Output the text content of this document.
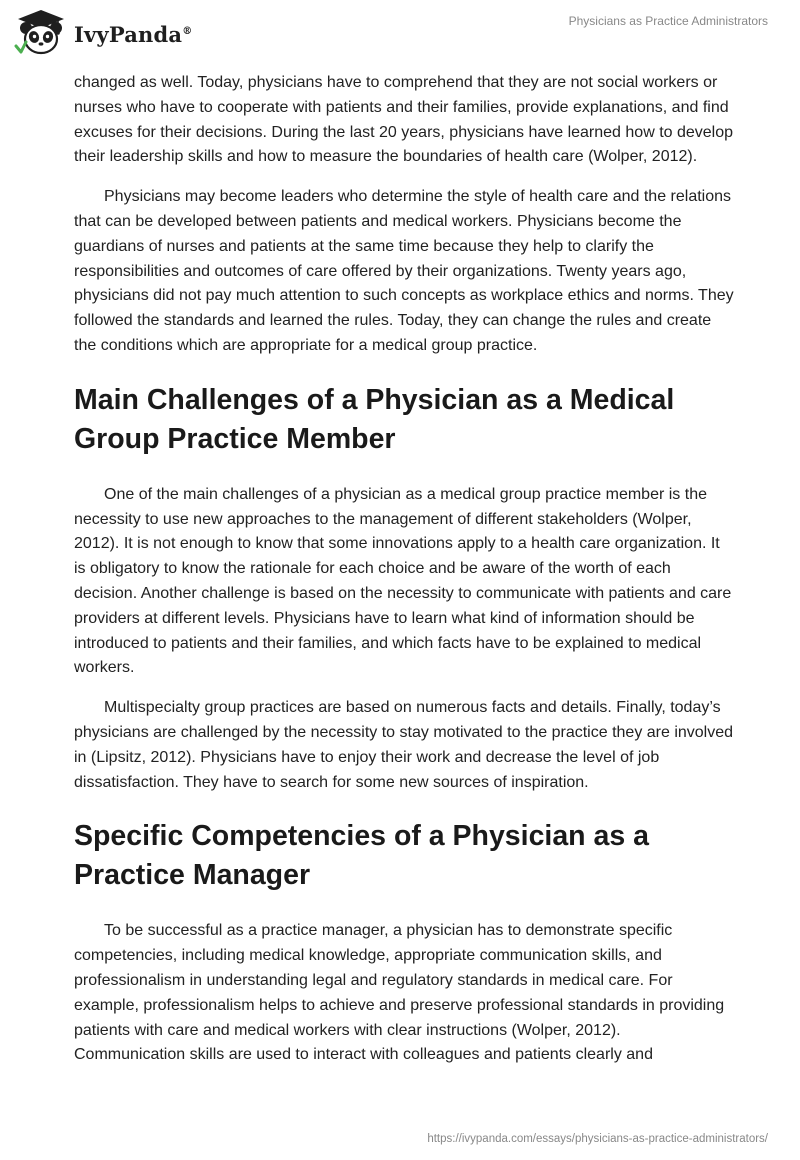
IvyPanda®
Physicians as Practice Administrators

changed as well. Today, physicians have to comprehend that they are not social workers or nurses who have to cooperate with patients and their families, provide explanations, and find excuses for their decisions. During the last 20 years, physicians have learned how to develop their leadership skills and how to measure the boundaries of health care (Wolper, 2012).

Physicians may become leaders who determine the style of health care and the relations that can be developed between patients and medical workers. Physicians become the guardians of nurses and patients at the same time because they help to clarify the responsibilities and outcomes of care offered by their organizations. Twenty years ago, physicians did not pay much attention to such concepts as workplace ethics and norms. They followed the standards and learned the rules. Today, they can change the rules and create the conditions which are appropriate for a medical group practice.

Main Challenges of a Physician as a Medical Group Practice Member

One of the main challenges of a physician as a medical group practice member is the necessity to use new approaches to the management of different stakeholders (Wolper, 2012). It is not enough to know that some innovations apply to a health care organization. It is obligatory to know the rationale for each choice and be aware of the worth of each decision. Another challenge is based on the necessity to communicate with patients and care providers at different levels. Physicians have to learn what kind of information should be introduced to patients and their families, and which facts have to be explained to medical workers.

Multispecialty group practices are based on numerous facts and details. Finally, today’s physicians are challenged by the necessity to stay motivated to the practice they are involved in (Lipsitz, 2012). Physicians have to enjoy their work and decrease the level of job dissatisfaction. They have to search for some new sources of inspiration.

Specific Competencies of a Physician as a Practice Manager

To be successful as a practice manager, a physician has to demonstrate specific competencies, including medical knowledge, appropriate communication skills, and professionalism in understanding legal and regulatory standards in medical care. For example, professionalism helps to achieve and preserve professional standards in providing patients with care and medical workers with clear instructions (Wolper, 2012). Communication skills are used to interact with colleagues and patients clearly and

https://ivypanda.com/essays/physicians-as-practice-administrators/
